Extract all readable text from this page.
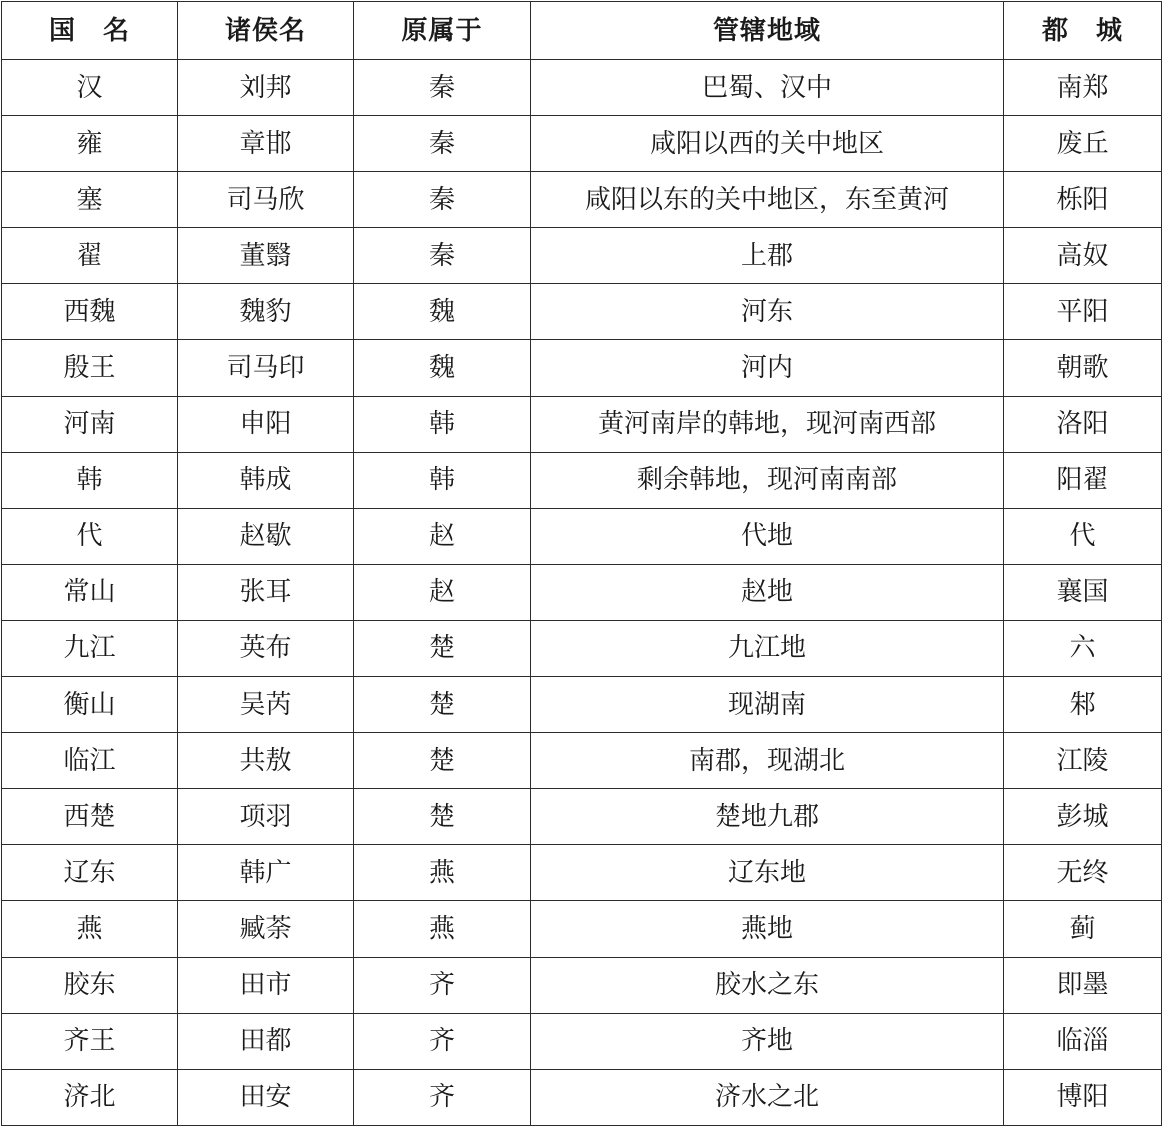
国　名	诸侯名	原属于	管辖地域	都　城
汉	刘邦	秦	巴蜀、汉中	南郑
雍	章邯	秦	咸阳以西的关中地区	废丘
塞	司马欣	秦	咸阳以东的关中地区，东至黄河	栎阳
翟	董翳	秦	上郡	高奴
西魏	魏豹	魏	河东	平阳
殷王	司马印	魏	河内	朝歌
河南	申阳	韩	黄河南岸的韩地，现河南西部	洛阳
韩	韩成	韩	剩余韩地，现河南南部	阳翟
代	赵歇	赵	代地	代
常山	张耳	赵	赵地	襄国
九江	英布	楚	九江地	六
衡山	吴芮	楚	现湖南	邾
临江	共敖	楚	南郡，现湖北	江陵
西楚	项羽	楚	楚地九郡	彭城
辽东	韩广	燕	辽东地	无终
燕	臧荼	燕	燕地	蓟
胶东	田市	齐	胶水之东	即墨
齐王	田都	齐	齐地	临淄
济北	田安	齐	济水之北	博阳
